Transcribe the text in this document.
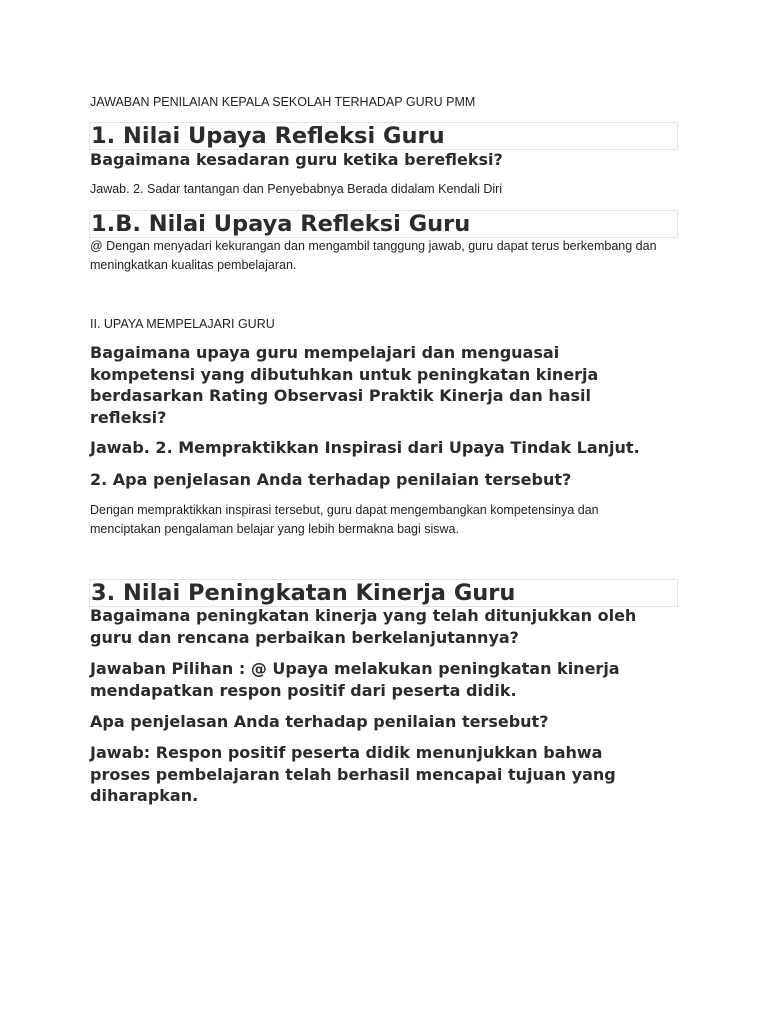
JAWABAN PENILAIAN KEPALA SEKOLAH TERHADAP GURU PMM

1. Nilai Upaya Refleksi Guru

Bagaimana kesadaran guru ketika berefleksi?

Jawab. 2. Sadar tantangan dan Penyebabnya Berada didalam Kendali Diri

1.B. Nilai Upaya Refleksi Guru

@ Dengan menyadari kekurangan dan mengambil tanggung jawab, guru dapat terus berkembang dan meningkatkan kualitas pembelajaran.

II. UPAYA MEMPELAJARI GURU

Bagaimana upaya guru mempelajari dan menguasai kompetensi yang dibutuhkan untuk peningkatan kinerja berdasarkan Rating Observasi Praktik Kinerja dan hasil refleksi?

Jawab. 2. Mempraktikkan Inspirasi dari Upaya Tindak Lanjut.

2. Apa penjelasan Anda terhadap penilaian tersebut?

Dengan mempraktikkan inspirasi tersebut, guru dapat mengembangkan kompetensinya dan menciptakan pengalaman belajar yang lebih bermakna bagi siswa.

3. Nilai Peningkatan Kinerja Guru

Bagaimana peningkatan kinerja yang telah ditunjukkan oleh guru dan rencana perbaikan berkelanjutannya?

Jawaban Pilihan : @ Upaya melakukan peningkatan kinerja mendapatkan respon positif dari peserta didik.

Apa penjelasan Anda terhadap penilaian tersebut?

Jawab: Respon positif peserta didik menunjukkan bahwa proses pembelajaran telah berhasil mencapai tujuan yang diharapkan.
